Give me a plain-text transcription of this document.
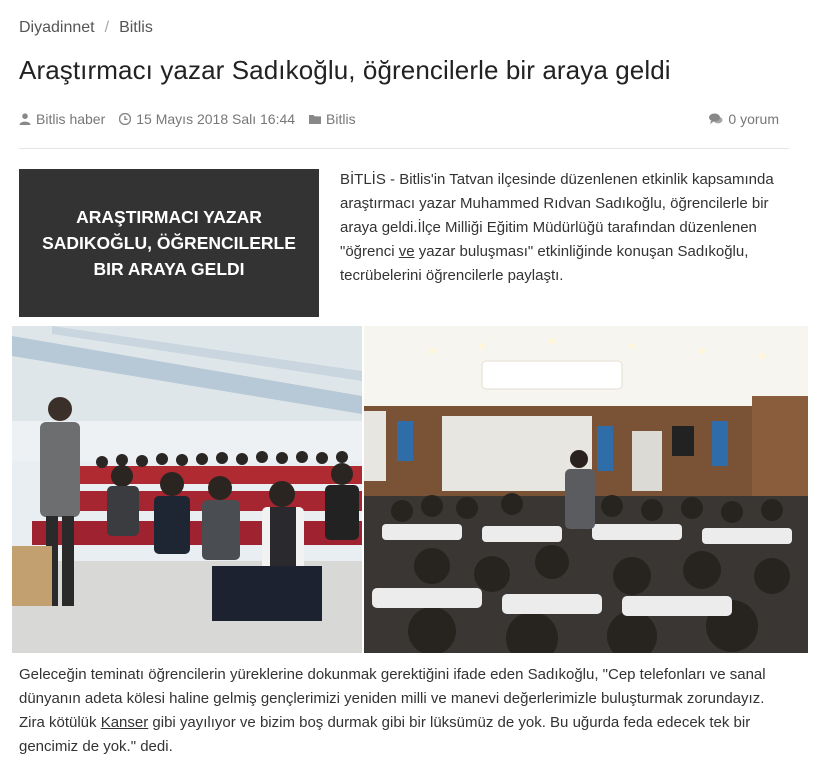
Diyadinnet / Bitlis
Araştırmacı yazar Sadıkoğlu, öğrencilerle bir araya geldi
Bitlis haber 15 Mayıs 2018 Salı 16:44 Bitlis	0 yorum
ARAŞTIRMACI YAZAR SADIKOĞLU, ÖĞRENCILERLE BIR ARAYA GELDI

BİTLİS - Bitlis'in Tatvan ilçesinde düzenlenen etkinlik kapsamında araştırmacı yazar Muhammed Rıdvan Sadıkoğlu, öğrencilerle bir araya geldi.İlçe Milliği Eğitim Müdürlüğü tarafından düzenlenen "öğrenci ve yazar buluşması" etkinliğinde konuşan Sadıkoğlu, tecrübelerini öğrencilerle paylaştı.

Geleceğin teminatı öğrencilerin yüreklerine dokunmak gerektiğini ifade eden Sadıkoğlu, "Cep telefonları ve sanal dünyanın adeta kölesi haline gelmiş gençlerimizi yeniden milli ve manevi değerlerimizle buluşturmak zorundayız. Zira kötülük Kanser gibi yayılıyor ve bizim boş durmak gibi bir lüksümüz de yok. Bu uğurda feda edecek tek bir gencimiz de yok." dedi.
